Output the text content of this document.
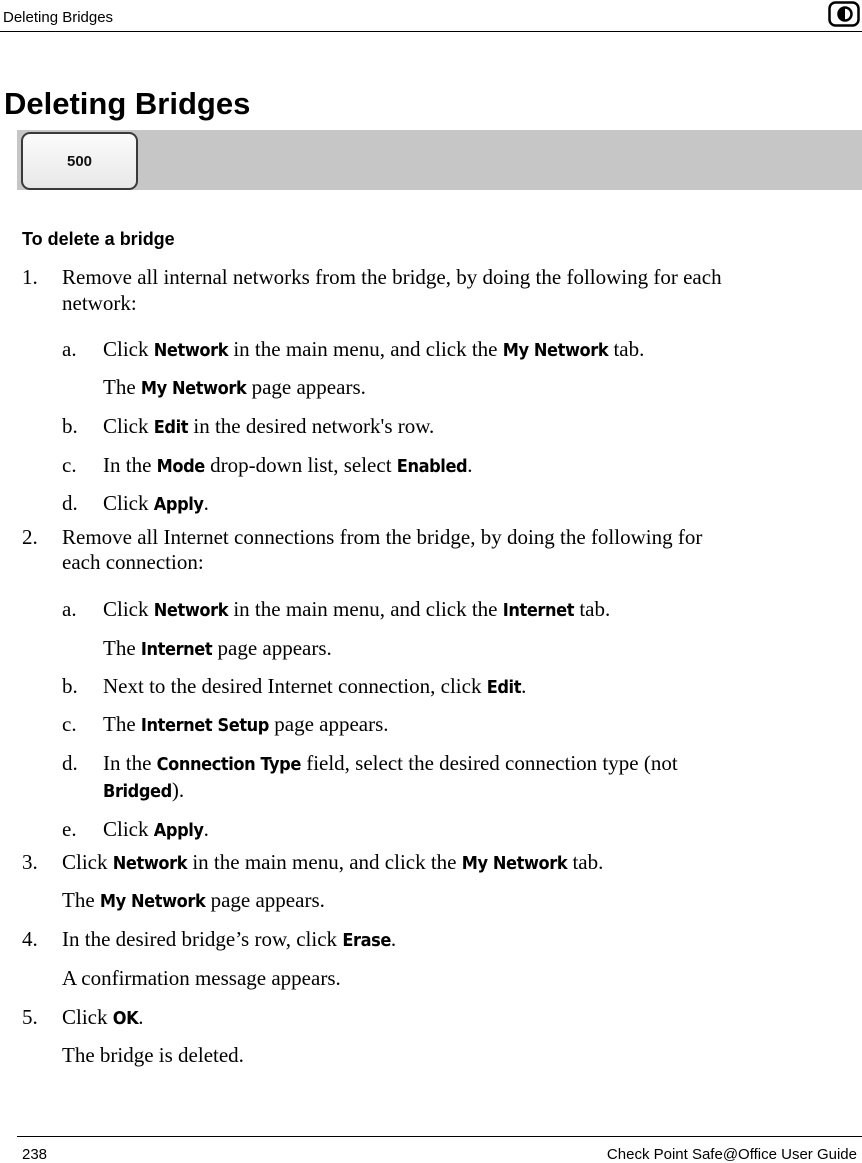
Deleting Bridges
Deleting Bridges
500
To delete a bridge
1. Remove all internal networks from the bridge, by doing the following for each
network:
a. Click Network in the main menu, and click the My Network tab.
The My Network page appears.
b. Click Edit in the desired network's row.
c. In the Mode drop-down list, select Enabled.
d. Click Apply.
2. Remove all Internet connections from the bridge, by doing the following for
each connection:
a. Click Network in the main menu, and click the Internet tab.
The Internet page appears.
b. Next to the desired Internet connection, click Edit.
c. The Internet Setup page appears.
d. In the Connection Type field, select the desired connection type (not
Bridged).
e. Click Apply.
3. Click Network in the main menu, and click the My Network tab.
The My Network page appears.
4. In the desired bridge’s row, click Erase.
A confirmation message appears.
5. Click OK.
The bridge is deleted.
238	Check Point Safe@Office User Guide
